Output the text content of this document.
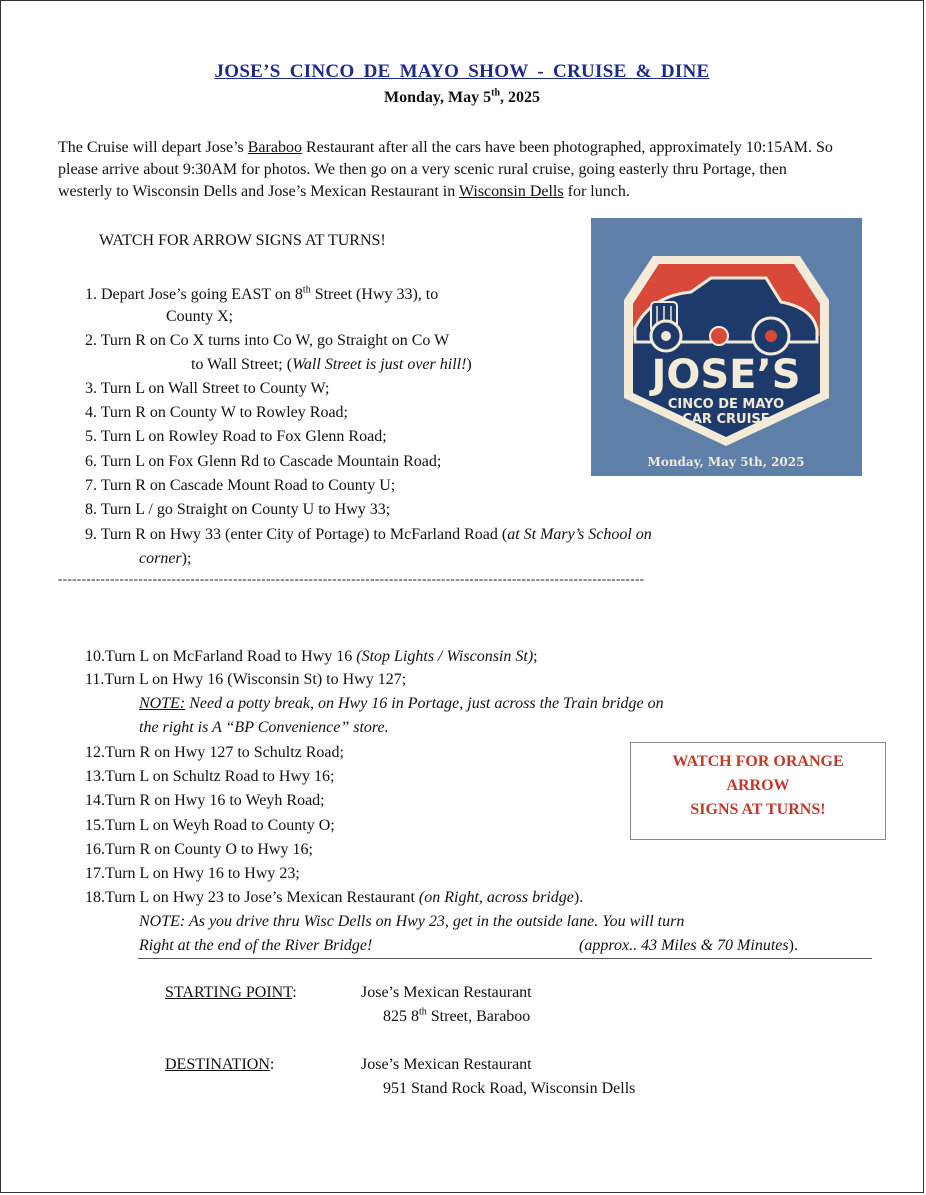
JOSE’S CINCO DE MAYO SHOW - CRUISE & DINE
Monday, May 5th, 2025
The Cruise will depart Jose’s Baraboo Restaurant after all the cars have been photographed, approximately 10:15AM. So please arrive about 9:30AM for photos. We then go on a very scenic rural cruise, going easterly thru Portage, then westerly to Wisconsin Dells and Jose’s Mexican Restaurant in Wisconsin Dells for lunch.
WATCH FOR ARROW SIGNS AT TURNS!
JOSE’S
CINCO DE MAYO
CAR CRUISE
Monday, May 5th, 2025
1. Depart Jose’s going EAST on 8th Street (Hwy 33), to
County X;
2. Turn R on Co X turns into Co W, go Straight on Co W
to Wall Street; (Wall Street is just over hill!)
3. Turn L on Wall Street to County W;
4. Turn R on County W to Rowley Road;
5. Turn L on Rowley Road to Fox Glenn Road;
6. Turn L on Fox Glenn Rd to Cascade Mountain Road;
7. Turn R on Cascade Mount Road to County U;
8. Turn L / go Straight on County U to Hwy 33;
9. Turn R on Hwy 33 (enter City of Portage) to McFarland Road (at St Mary’s School on
corner);
----------------------------------------------------------------------------------------------------------------------------
10.Turn L on McFarland Road to Hwy 16 (Stop Lights / Wisconsin St);
11.Turn L on Hwy 16 (Wisconsin St) to Hwy 127;
NOTE: Need a potty break, on Hwy 16 in Portage, just across the Train bridge on
the right is A “BP Convenience” store.
12.Turn R on Hwy 127 to Schultz Road;
13.Turn L on Schultz Road to Hwy 16;
14.Turn R on Hwy 16 to Weyh Road;
15.Turn L on Weyh Road to County O;
16.Turn R on County O to Hwy 16;
17.Turn L on Hwy 16 to Hwy 23;
18.Turn L on Hwy 23 to Jose’s Mexican Restaurant (on Right, across bridge).
NOTE: As you drive thru Wisc Dells on Hwy 23, get in the outside lane. You will turn
Right at the end of the River Bridge!	(approx.. 43 Miles & 70 Minutes).
WATCH FOR ORANGE
ARROW
SIGNS AT TURNS!
STARTING POINT:	Jose’s Mexican Restaurant
825 8th Street, Baraboo
DESTINATION:	Jose’s Mexican Restaurant
951 Stand Rock Road, Wisconsin Dells
